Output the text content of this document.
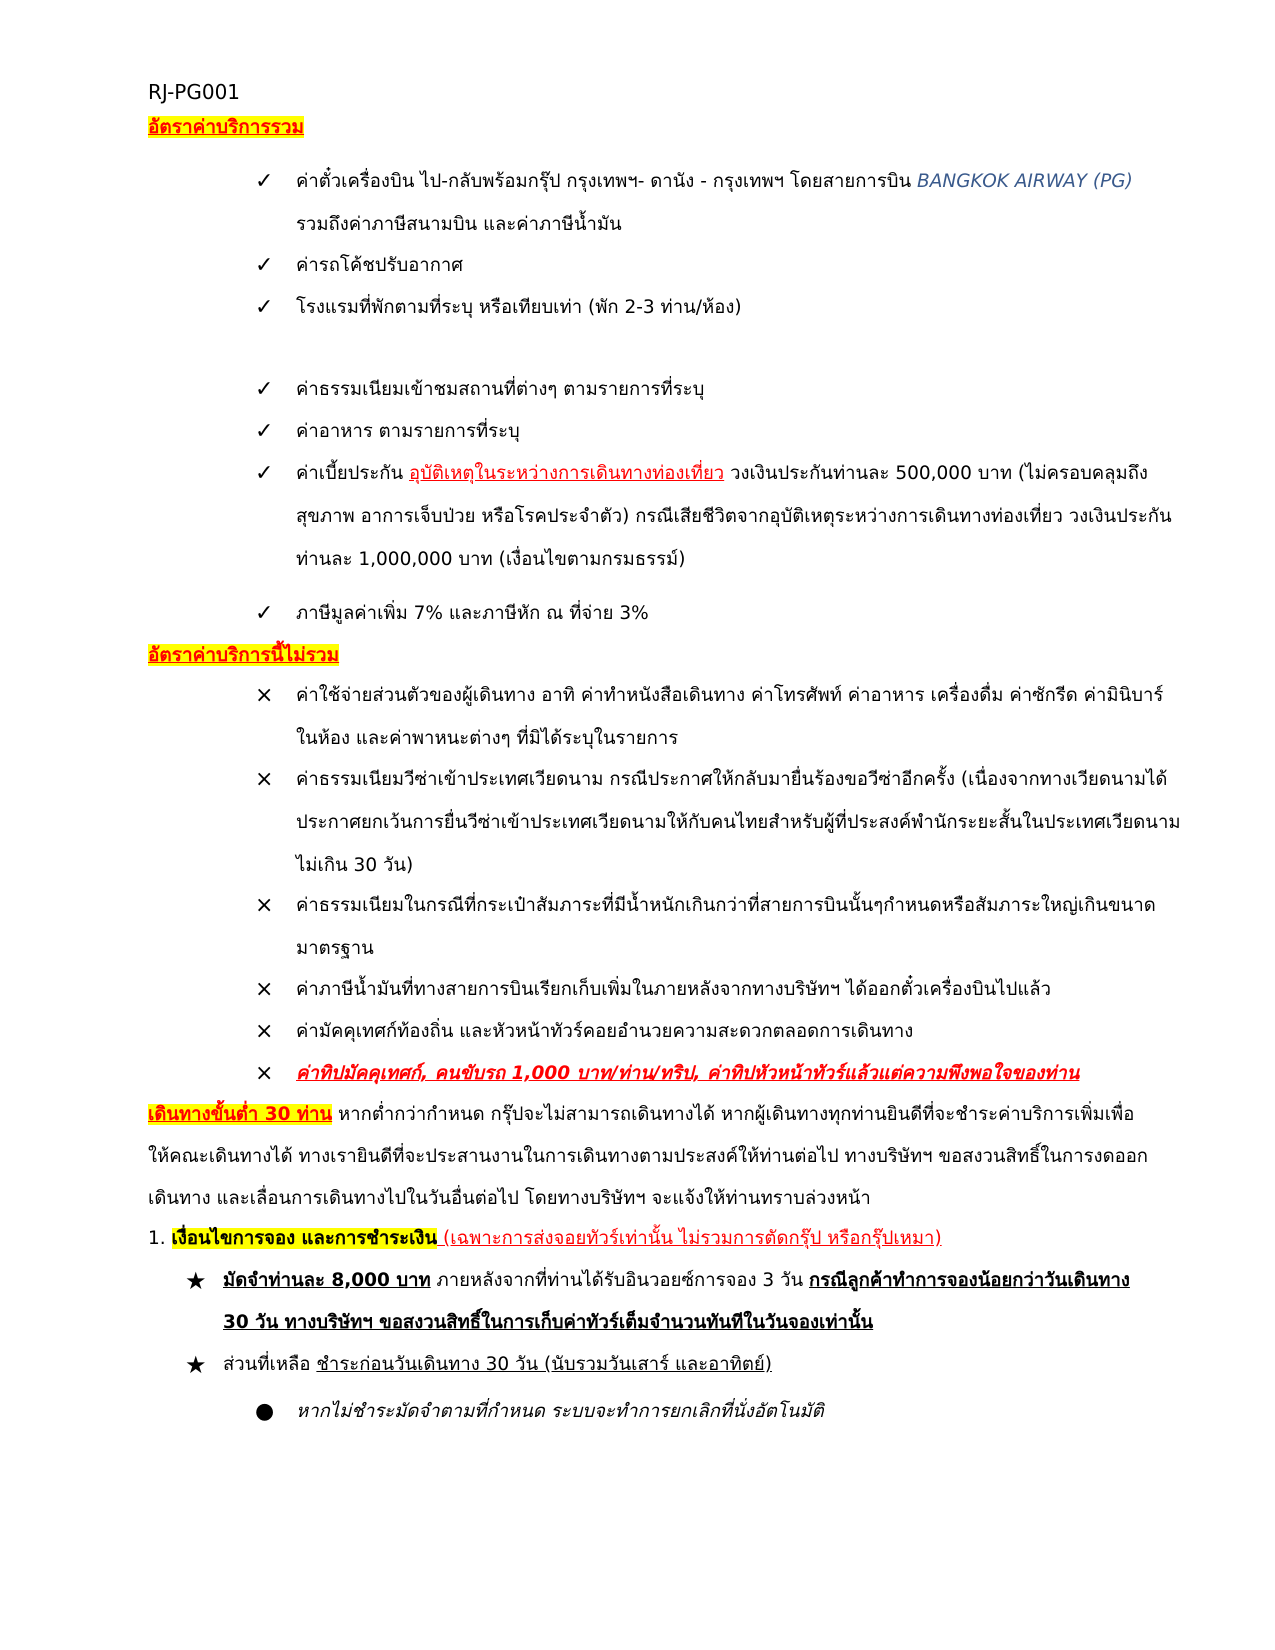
RJ-PG001
อัตราค่าบริการรวม
✓	ค่าตั๋วเครื่องบิน ไป-กลับพร้อมกรุ๊ป กรุงเทพฯ- ดานัง - กรุงเทพฯ โดยสายการบิน BANGKOK AIRWAY (PG)
รวมถึงค่าภาษีสนามบิน และค่าภาษีน้ำมัน
✓	ค่ารถโค้ชปรับอากาศ
✓	โรงแรมที่พักตามที่ระบุ หรือเทียบเท่า (พัก 2-3 ท่าน/ห้อง)
✓	ค่าธรรมเนียมเข้าชมสถานที่ต่างๆ ตามรายการที่ระบุ
✓	ค่าอาหาร ตามรายการที่ระบุ
✓	ค่าเบี้ยประกัน อุบัติเหตุในระหว่างการเดินทางท่องเที่ยว วงเงินประกันท่านละ 500,000 บาท (ไม่ครอบคลุมถึงสุขภาพ อาการเจ็บป่วย หรือโรคประจำตัว) กรณีเสียชีวิตจากอุบัติเหตุระหว่างการเดินทางท่องเที่ยว วงเงินประกันท่านละ 1,000,000 บาท (เงื่อนไขตามกรมธรรม์)
✓	ภาษีมูลค่าเพิ่ม 7% และภาษีหัก ณ ที่จ่าย 3%
อัตราค่าบริการนี้ไม่รวม
×	ค่าใช้จ่ายส่วนตัวของผู้เดินทาง อาทิ ค่าทำหนังสือเดินทาง ค่าโทรศัพท์ ค่าอาหาร เครื่องดื่ม ค่าซักรีด ค่ามินิบาร์ในห้อง และค่าพาหนะต่างๆ ที่มิได้ระบุในรายการ
×	ค่าธรรมเนียมวีซ่าเข้าประเทศเวียดนาม กรณีประกาศให้กลับมายื่นร้องขอวีซ่าอีกครั้ง (เนื่องจากทางเวียดนามได้ประกาศยกเว้นการยื่นวีซ่าเข้าประเทศเวียดนามให้กับคนไทยสำหรับผู้ที่ประสงค์พำนักระยะสั้นในประเทศเวียดนามไม่เกิน 30 วัน)
×	ค่าธรรมเนียมในกรณีที่กระเป๋าสัมภาระที่มีน้ำหนักเกินกว่าที่สายการบินนั้นๆกำหนดหรือสัมภาระใหญ่เกินขนาดมาตรฐาน
×	ค่าภาษีน้ำมันที่ทางสายการบินเรียกเก็บเพิ่มในภายหลังจากทางบริษัทฯ ได้ออกตั๋วเครื่องบินไปแล้ว
×	ค่ามัคคุเทศก์ท้องถิ่น และหัวหน้าทัวร์คอยอำนวยความสะดวกตลอดการเดินทาง
×	ค่าทิปมัคคุเทศก์, คนขับรถ 1,000 บาท/ท่าน/ทริป, ค่าทิปหัวหน้าทัวร์แล้วแต่ความพึงพอใจของท่าน
เดินทางขั้นต่ำ 30 ท่าน หากต่ำกว่ากำหนด กรุ๊ปจะไม่สามารถเดินทางได้ หากผู้เดินทางทุกท่านยินดีที่จะชำระค่าบริการเพิ่มเพื่อให้คณะเดินทางได้ ทางเรายินดีที่จะประสานงานในการเดินทางตามประสงค์ให้ท่านต่อไป ทางบริษัทฯ ขอสงวนสิทธิ์ในการงดออกเดินทาง และเลื่อนการเดินทางไปในวันอื่นต่อไป โดยทางบริษัทฯ จะแจ้งให้ท่านทราบล่วงหน้า
1. เงื่อนไขการจอง และการชำระเงิน (เฉพาะการส่งจอยทัวร์เท่านั้น ไม่รวมการตัดกรุ๊ป หรือกรุ๊ปเหมา)
★ มัดจำท่านละ 8,000 บาท ภายหลังจากที่ท่านได้รับอินวอยซ์การจอง 3 วัน กรณีลูกค้าทำการจองน้อยกว่าวันเดินทาง 30 วัน ทางบริษัทฯ ขอสงวนสิทธิ์ในการเก็บค่าทัวร์เต็มจำนวนทันทีในวันจองเท่านั้น
★ ส่วนที่เหลือ ชำระก่อนวันเดินทาง 30 วัน (นับรวมวันเสาร์ และอาทิตย์)
●	หากไม่ชำระมัดจำตามที่กำหนด ระบบจะทำการยกเลิกที่นั่งอัตโนมัติ
